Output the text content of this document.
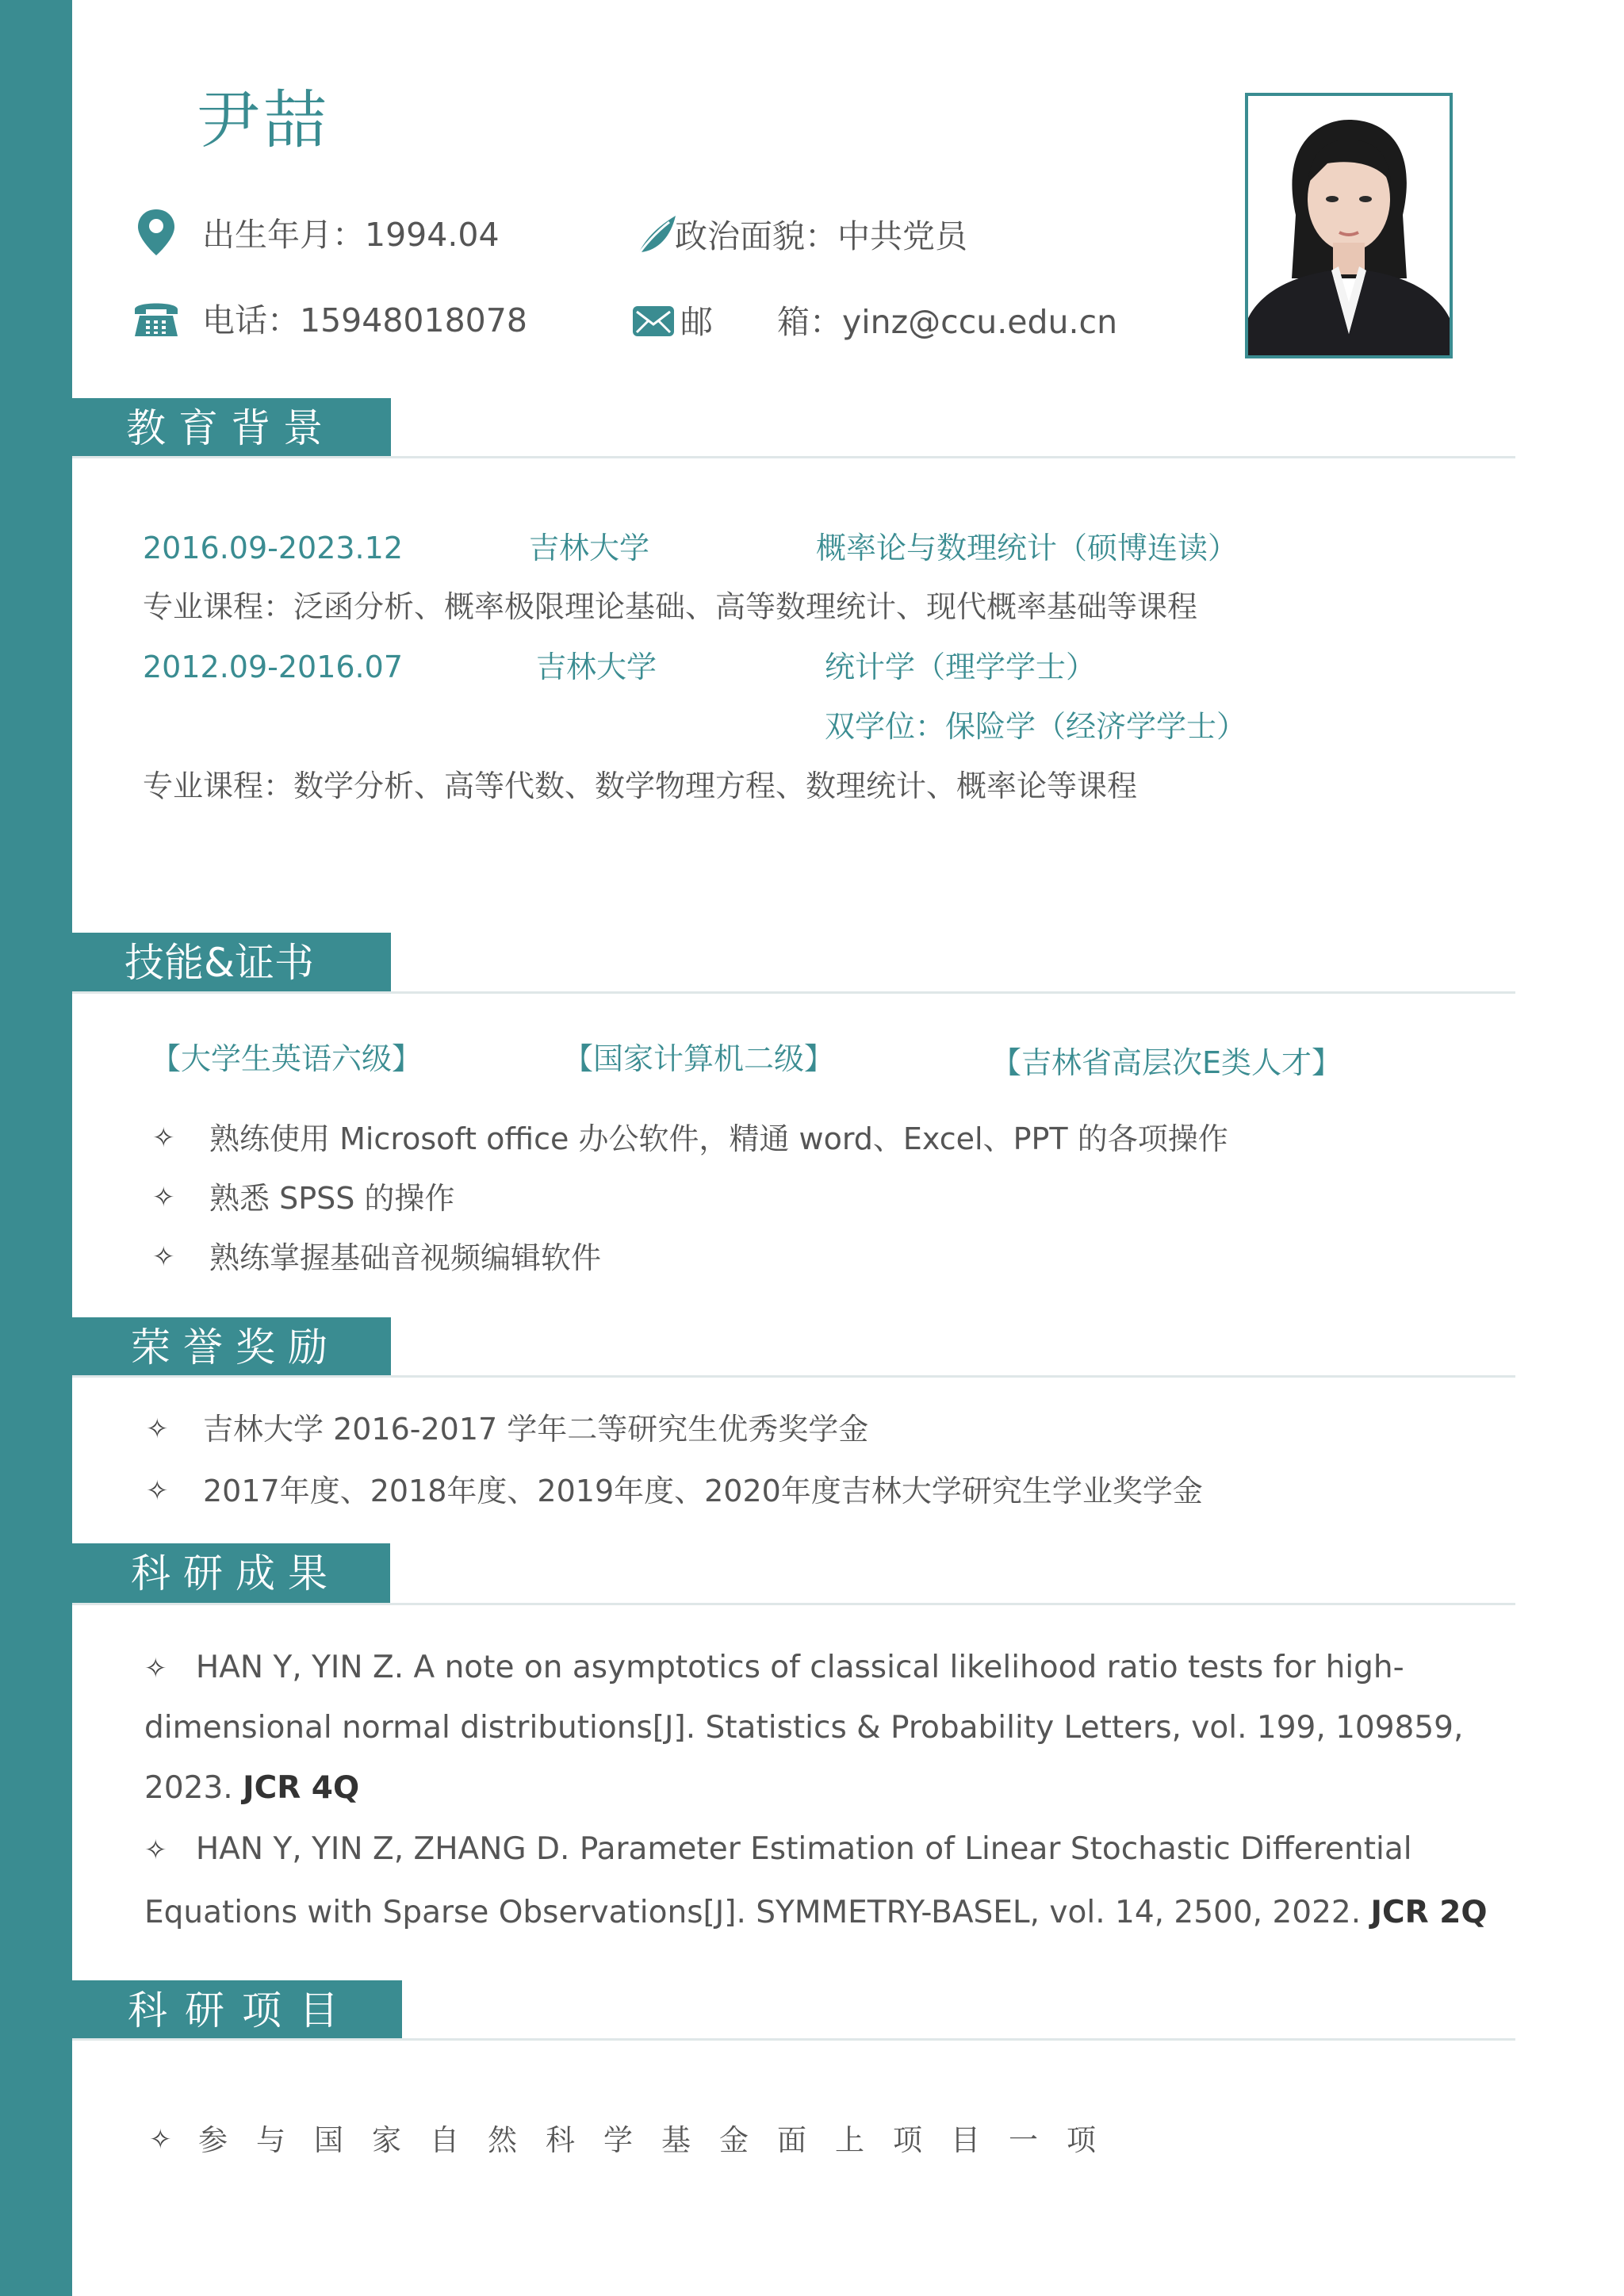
尹喆
出生年月：1994.04	政治面貌：中共党员
电话：15948018078	邮 箱：yinz@ccu.edu.cn
教育背景
2016.09-2023.12	吉林大学	概率论与数理统计（硕博连读）
专业课程：泛函分析、概率极限理论基础、高等数理统计、现代概率基础等课程
2012.09-2016.07	吉林大学	统计学（理学学士）
双学位：保险学（经济学学士）
专业课程：数学分析、高等代数、数学物理方程、数理统计、概率论等课程
技能&证书
【大学生英语六级】	【国家计算机二级】	【吉林省高层次E类人才】
✧ 熟练使用 Microsoft office 办公软件，精通 word、Excel、PPT 的各项操作
✧ 熟悉 SPSS 的操作
✧ 熟练掌握基础音视频编辑软件
荣誉奖励
✧ 吉林大学 2016-2017 学年二等研究生优秀奖学金
✧ 2017年度、2018年度、2019年度、2020年度吉林大学研究生学业奖学金
科研成果
✧ HAN Y, YIN Z. A note on asymptotics of classical likelihood ratio tests for high-
dimensional normal distributions[J]. Statistics & Probability Letters, vol. 199, 109859,
2023. JCR 4Q
✧ HAN Y, YIN Z, ZHANG D. Parameter Estimation of Linear Stochastic Differential
Equations with Sparse Observations[J]. SYMMETRY-BASEL, vol. 14, 2500, 2022. JCR 2Q
科研项目
✧ 参与国家自然科学基金面上项目一项
